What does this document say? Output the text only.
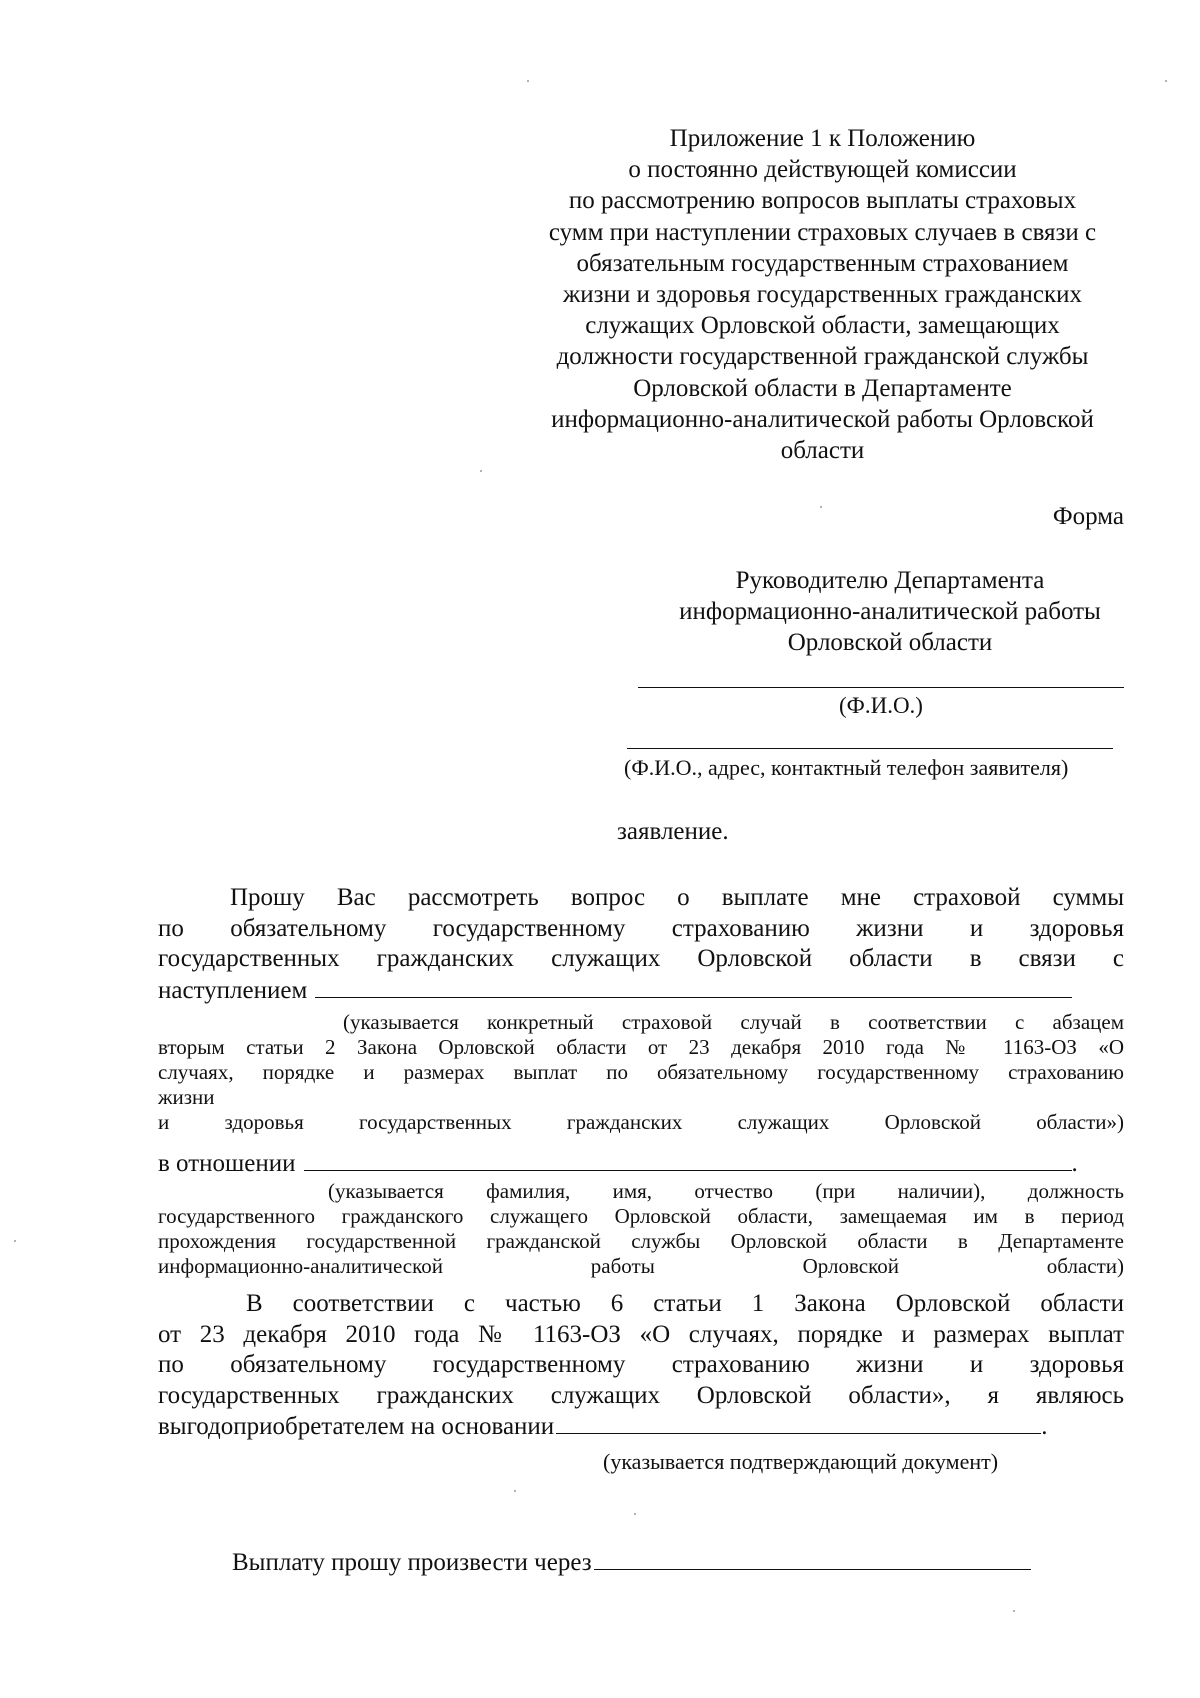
Приложение 1 к Положению
о постоянно действующей комиссии
по рассмотрению вопросов выплаты страховых
сумм при наступлении страховых случаев в связи с
обязательным государственным страхованием
жизни и здоровья государственных гражданских
служащих Орловской области, замещающих
должности государственной гражданской службы
Орловской области в Департаменте
информационно-аналитической работы Орловской
области
Форма
Руководителю Департамента
информационно-аналитической работы
Орловской области
(Ф.И.О.)
(Ф.И.О., адрес, контактный телефон заявителя)
заявление.
Прошу Вас рассмотреть вопрос о выплате мне страховой суммы
по обязательному государственному страхованию жизни и здоровья
государственных гражданских служащих Орловской области в связи с
наступлением
(указывается конкретный страховой случай в соответствии с абзацем
вторым статьи 2 Закона Орловской области от 23 декабря 2010 года № 1163-ОЗ «О
случаях, порядке и размерах выплат по обязательному государственному страхованию
жизни
и здоровья государственных гражданских служащих Орловской области»)
в отношении	.
(указывается фамилия, имя, отчество (при наличии), должность
государственного гражданского служащего Орловской области, замещаемая им в период
прохождения государственной гражданской службы Орловской области в Департаменте
информационно-аналитической работы Орловской области)
В соответствии с частью 6 статьи 1 Закона Орловской области
от 23 декабря 2010 года № 1163-ОЗ «О случаях, порядке и размерах выплат
по обязательному государственному страхованию жизни и здоровья
государственных гражданских служащих Орловской области», я являюсь
выгодоприобретателем на основании	.
(указывается подтверждающий документ)
Выплату прошу произвести через
